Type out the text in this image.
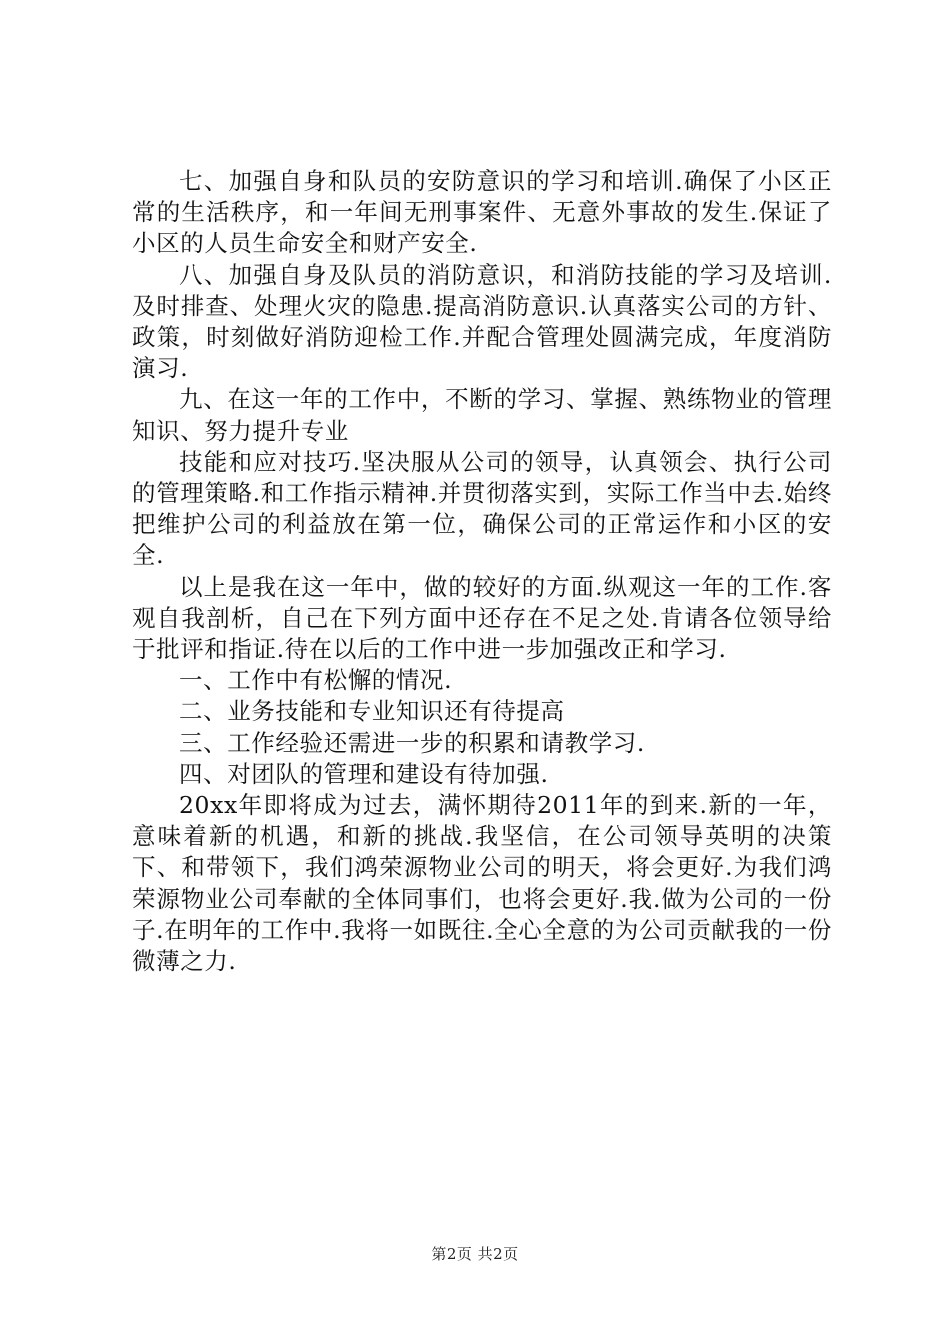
七、加强自身和队员的安防意识的学习和培训.确保了小区正常的生活秩序，和一年间无刑事案件、无意外事故的发生.保证了小区的人员生命安全和财产安全.

八、加强自身及队员的消防意识，和消防技能的学习及培训.及时排查、处理火灾的隐患.提高消防意识.认真落实公司的方针、政策，时刻做好消防迎检工作.并配合管理处圆满完成，年度消防演习.

九、在这一年的工作中，不断的学习、掌握、熟练物业的管理知识、努力提升专业

技能和应对技巧.坚决服从公司的领导，认真领会、执行公司的管理策略.和工作指示精神.并贯彻落实到，实际工作当中去.始终把维护公司的利益放在第一位，确保公司的正常运作和小区的安全.

以上是我在这一年中，做的较好的方面.纵观这一年的工作.客观自我剖析，自己在下列方面中还存在不足之处.肯请各位领导给于批评和指证.待在以后的工作中进一步加强改正和学习.

一、工作中有松懈的情况.

二、业务技能和专业知识还有待提高

三、工作经验还需进一步的积累和请教学习.

四、对团队的管理和建设有待加强.

20xx年即将成为过去，满怀期待2011年的到来.新的一年，意味着新的机遇，和新的挑战.我坚信，在公司领导英明的决策下、和带领下，我们鸿荣源物业公司的明天，将会更好.为我们鸿荣源物业公司奉献的全体同事们，也将会更好.我.做为公司的一份子.在明年的工作中.我将一如既往.全心全意的为公司贡献我的一份微薄之力.

第2页 共2页
